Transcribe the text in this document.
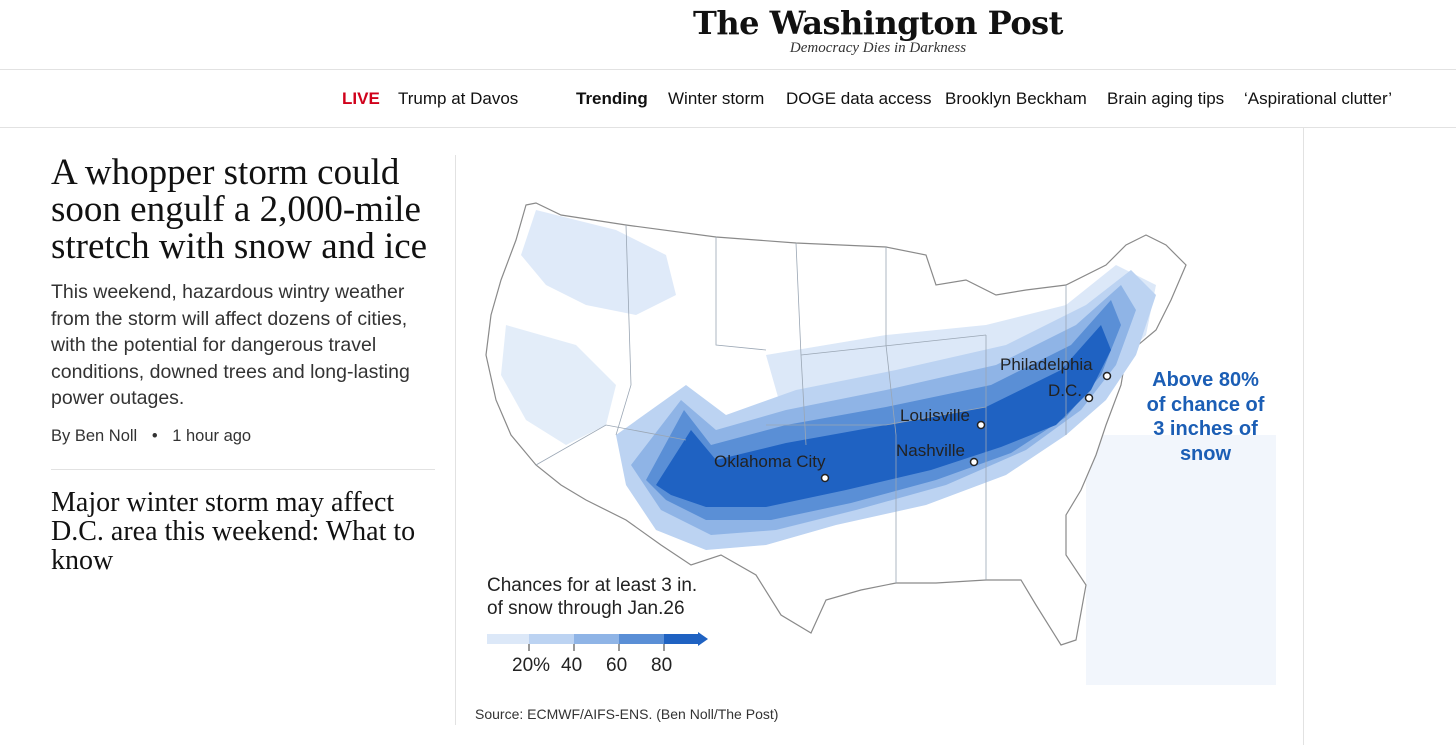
The Washington Post
Democracy Dies in Darkness
LIVE Trump at Davos	Trending Winter storm DOGE data access Brooklyn Beckham Brain aging tips ‘Aspirational clutter’
A whopper storm could soon engulf a 2,000-mile stretch with snow and ice

This weekend, hazardous wintry weather from the storm will affect dozens of cities, with the potential for dangerous travel conditions, downed trees and long-lasting power outages.

By Ben Noll • 1 hour ago
Major winter storm may affect D.C. area this weekend: What to know
Philadelphia
D.C.
Louisville
Nashville
Oklahoma City
Above 80%
of chance of
3 inches of
snow
Chances for at least 3 in.
of snow through Jan.26
20% 40 60 80
Source: ECMWF/AIFS-ENS. (Ben Noll/The Post)
